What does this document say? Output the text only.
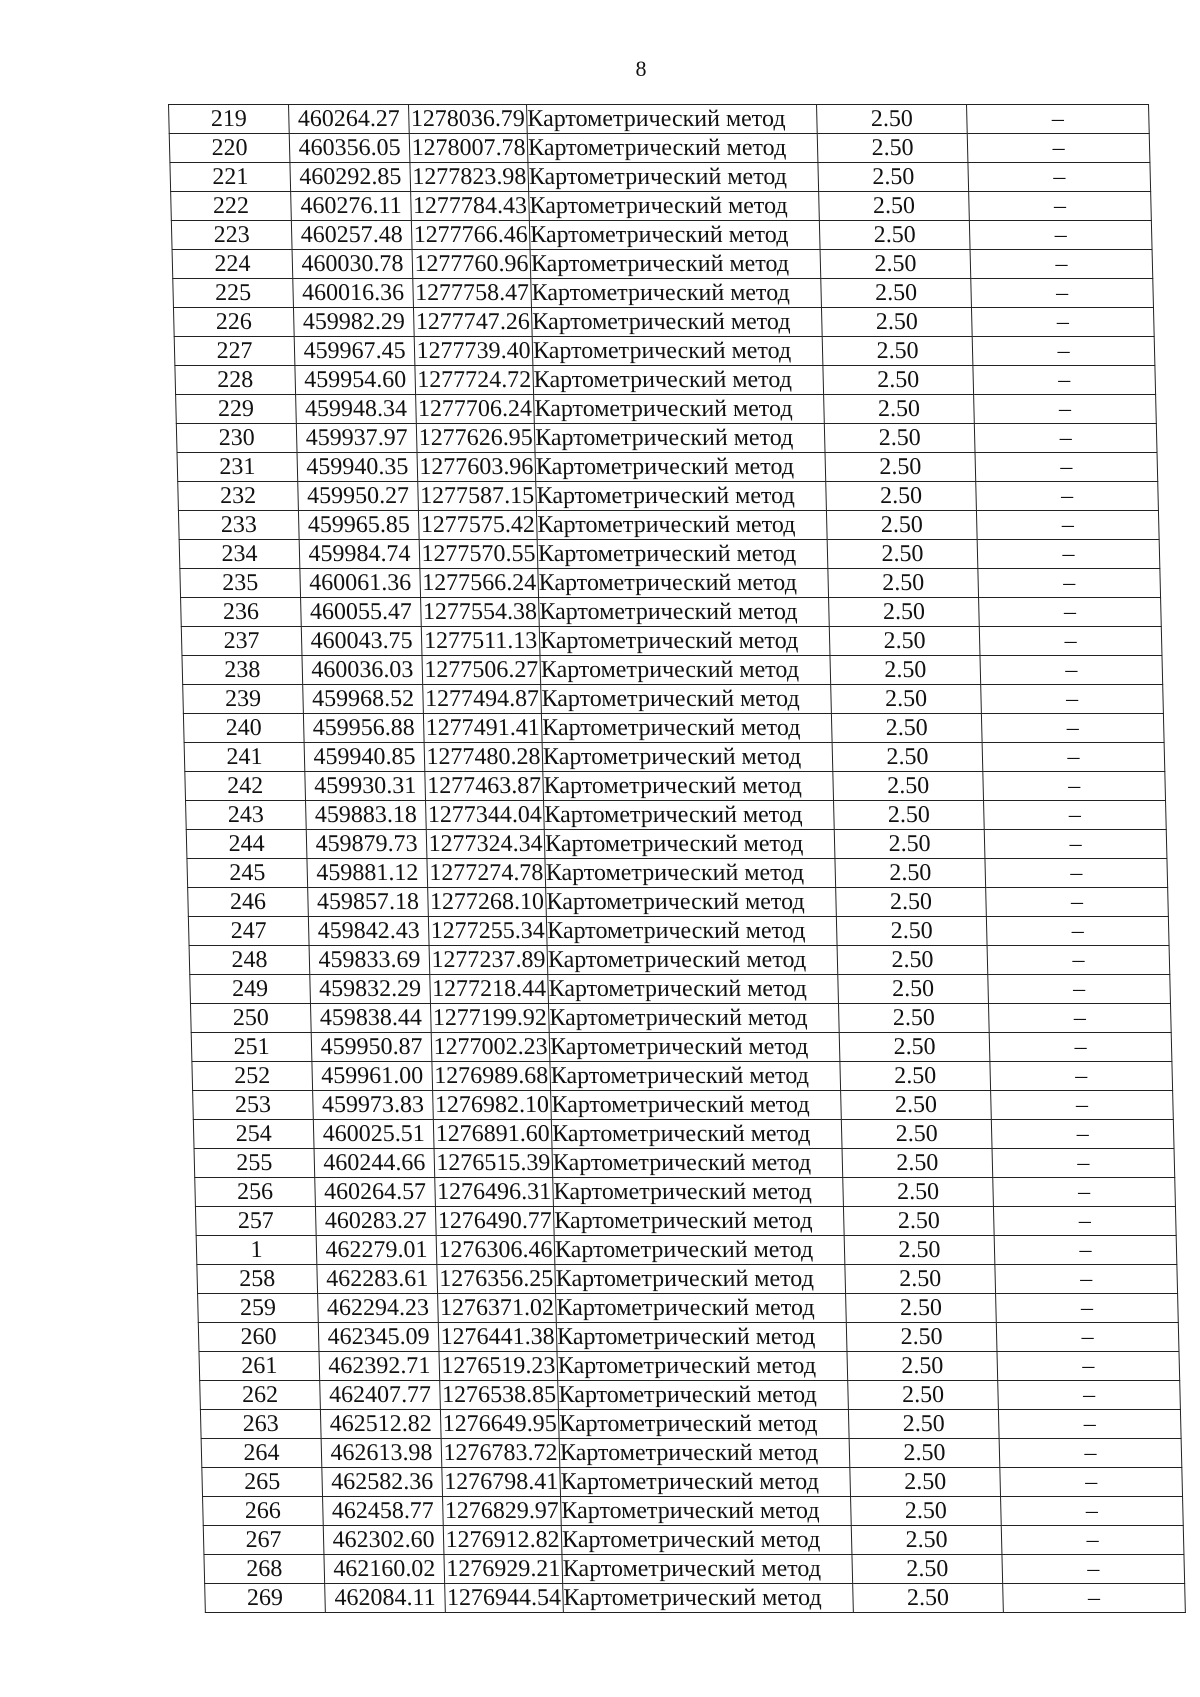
8
219	460264.27	1278036.79	Картометрический метод	2.50	–
220	460356.05	1278007.78	Картометрический метод	2.50	–
221	460292.85	1277823.98	Картометрический метод	2.50	–
222	460276.11	1277784.43	Картометрический метод	2.50	–
223	460257.48	1277766.46	Картометрический метод	2.50	–
224	460030.78	1277760.96	Картометрический метод	2.50	–
225	460016.36	1277758.47	Картометрический метод	2.50	–
226	459982.29	1277747.26	Картометрический метод	2.50	–
227	459967.45	1277739.40	Картометрический метод	2.50	–
228	459954.60	1277724.72	Картометрический метод	2.50	–
229	459948.34	1277706.24	Картометрический метод	2.50	–
230	459937.97	1277626.95	Картометрический метод	2.50	–
231	459940.35	1277603.96	Картометрический метод	2.50	–
232	459950.27	1277587.15	Картометрический метод	2.50	–
233	459965.85	1277575.42	Картометрический метод	2.50	–
234	459984.74	1277570.55	Картометрический метод	2.50	–
235	460061.36	1277566.24	Картометрический метод	2.50	–
236	460055.47	1277554.38	Картометрический метод	2.50	–
237	460043.75	1277511.13	Картометрический метод	2.50	–
238	460036.03	1277506.27	Картометрический метод	2.50	–
239	459968.52	1277494.87	Картометрический метод	2.50	–
240	459956.88	1277491.41	Картометрический метод	2.50	–
241	459940.85	1277480.28	Картометрический метод	2.50	–
242	459930.31	1277463.87	Картометрический метод	2.50	–
243	459883.18	1277344.04	Картометрический метод	2.50	–
244	459879.73	1277324.34	Картометрический метод	2.50	–
245	459881.12	1277274.78	Картометрический метод	2.50	–
246	459857.18	1277268.10	Картометрический метод	2.50	–
247	459842.43	1277255.34	Картометрический метод	2.50	–
248	459833.69	1277237.89	Картометрический метод	2.50	–
249	459832.29	1277218.44	Картометрический метод	2.50	–
250	459838.44	1277199.92	Картометрический метод	2.50	–
251	459950.87	1277002.23	Картометрический метод	2.50	–
252	459961.00	1276989.68	Картометрический метод	2.50	–
253	459973.83	1276982.10	Картометрический метод	2.50	–
254	460025.51	1276891.60	Картометрический метод	2.50	–
255	460244.66	1276515.39	Картометрический метод	2.50	–
256	460264.57	1276496.31	Картометрический метод	2.50	–
257	460283.27	1276490.77	Картометрический метод	2.50	–
1	462279.01	1276306.46	Картометрический метод	2.50	–
258	462283.61	1276356.25	Картометрический метод	2.50	–
259	462294.23	1276371.02	Картометрический метод	2.50	–
260	462345.09	1276441.38	Картометрический метод	2.50	–
261	462392.71	1276519.23	Картометрический метод	2.50	–
262	462407.77	1276538.85	Картометрический метод	2.50	–
263	462512.82	1276649.95	Картометрический метод	2.50	–
264	462613.98	1276783.72	Картометрический метод	2.50	–
265	462582.36	1276798.41	Картометрический метод	2.50	–
266	462458.77	1276829.97	Картометрический метод	2.50	–
267	462302.60	1276912.82	Картометрический метод	2.50	–
268	462160.02	1276929.21	Картометрический метод	2.50	–
269	462084.11	1276944.54	Картометрический метод	2.50	–
